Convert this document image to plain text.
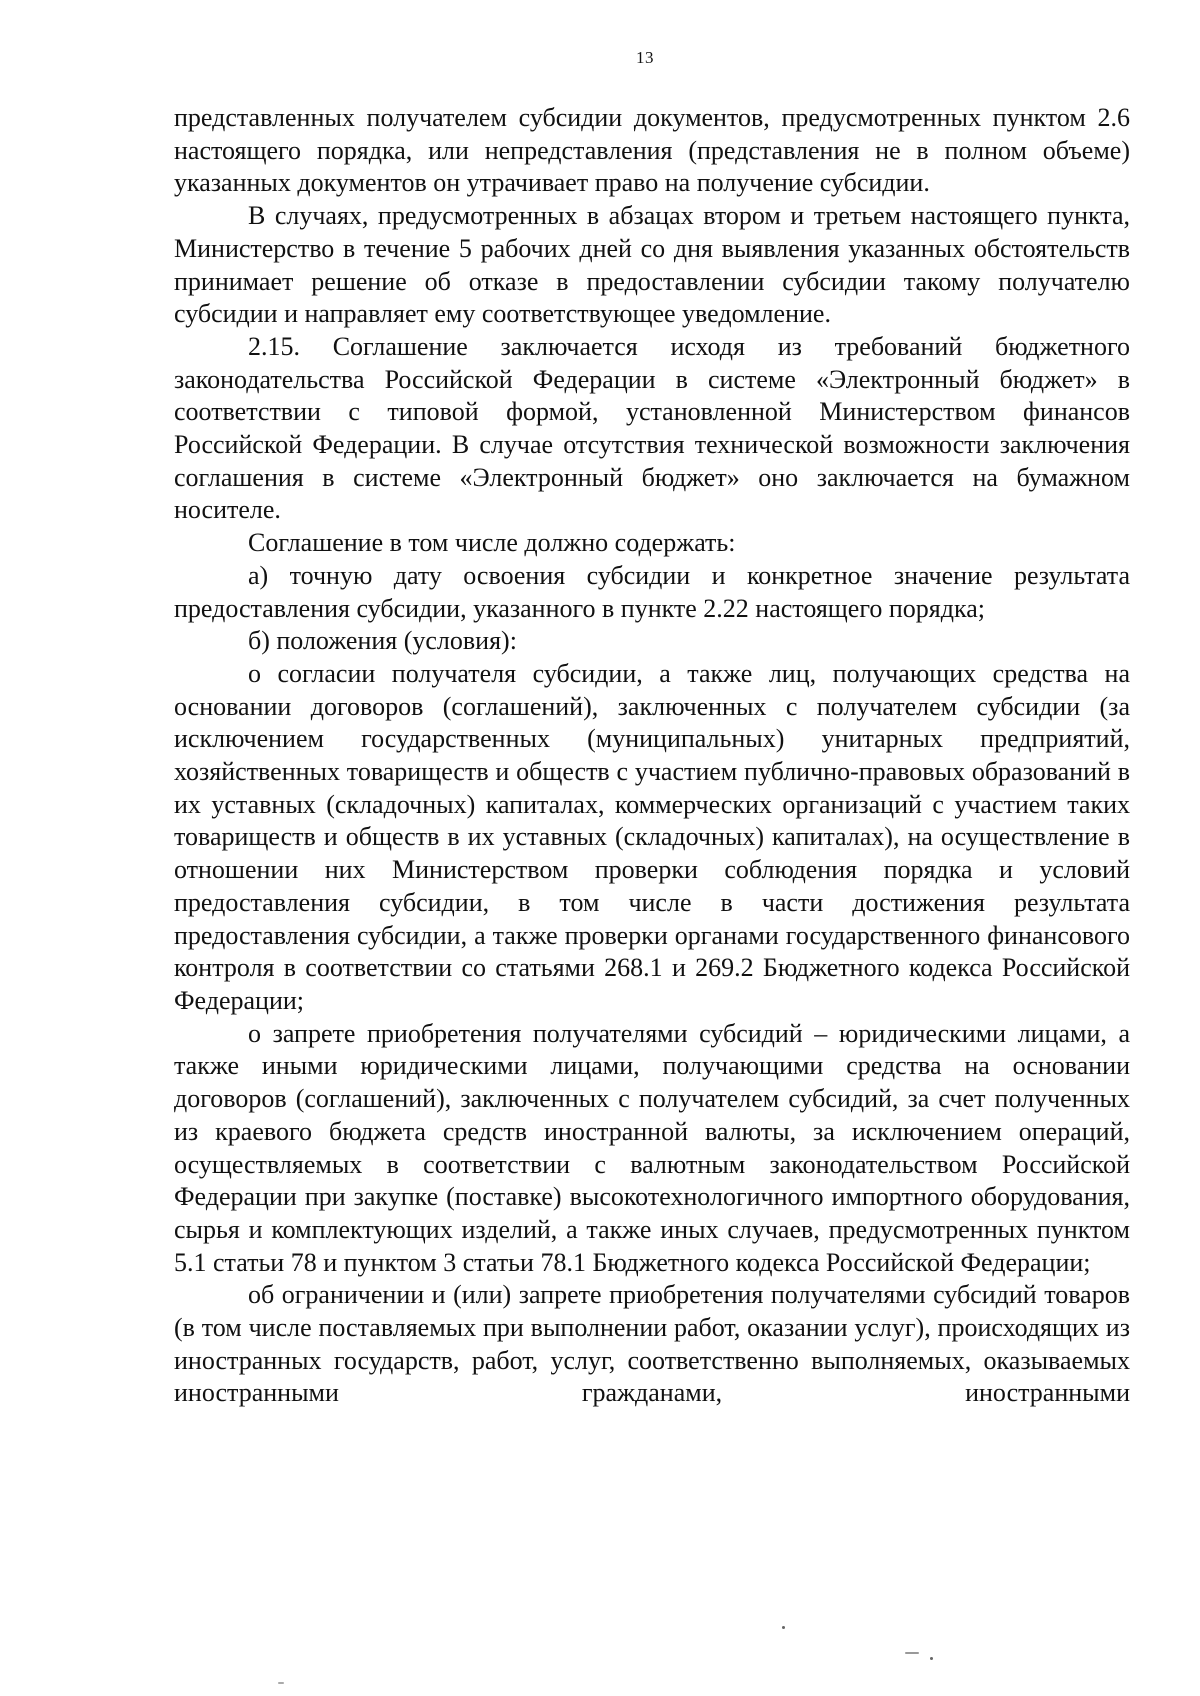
13

представленных получателем субсидии документов, предусмотренных пунктом 2.6 настоящего порядка, или непредставления (представления не в полном объеме) указанных документов он утрачивает право на получение субсидии.

В случаях, предусмотренных в абзацах втором и третьем настоящего пункта, Министерство в течение 5 рабочих дней со дня выявления указанных обстоятельств принимает решение об отказе в предоставлении субсидии такому получателю субсидии и направляет ему соответствующее уведомление.

2.15. Соглашение заключается исходя из требований бюджетного законодательства Российской Федерации в системе «Электронный бюджет» в соответствии с типовой формой, установленной Министерством финансов Российской Федерации. В случае отсутствия технической возможности заключения соглашения в системе «Электронный бюджет» оно заключается на бумажном носителе.

Соглашение в том числе должно содержать:

а) точную дату освоения субсидии и конкретное значение результата предоставления субсидии, указанного в пункте 2.22 настоящего порядка;

б) положения (условия):

о согласии получателя субсидии, а также лиц, получающих средства на основании договоров (соглашений), заключенных с получателем субсидии (за исключением государственных (муниципальных) унитарных предприятий, хозяйственных товариществ и обществ с участием публично-правовых образований в их уставных (складочных) капиталах, коммерческих организаций с участием таких товариществ и обществ в их уставных (складочных) капиталах), на осуществление в отношении них Министерством проверки соблюдения порядка и условий предоставления субсидии, в том числе в части достижения результата предоставления субсидии, а также проверки органами государственного финансового контроля в соответствии со статьями 268.1 и 269.2 Бюджетного кодекса Российской Федерации;

о запрете приобретения получателями субсидий – юридическими лицами, а также иными юридическими лицами, получающими средства на основании договоров (соглашений), заключенных с получателем субсидий, за счет полученных из краевого бюджета средств иностранной валюты, за исключением операций, осуществляемых в соответствии с валютным законодательством Российской Федерации при закупке (поставке) высокотехнологичного импортного оборудования, сырья и комплектующих изделий, а также иных случаев, предусмотренных пунктом 5.1 статьи 78 и пунктом 3 статьи 78.1 Бюджетного кодекса Российской Федерации;

об ограничении и (или) запрете приобретения получателями субсидий товаров (в том числе поставляемых при выполнении работ, оказании услуг), происходящих из иностранных государств, работ, услуг, соответственно выполняемых, оказываемых иностранными гражданами, иностранными
